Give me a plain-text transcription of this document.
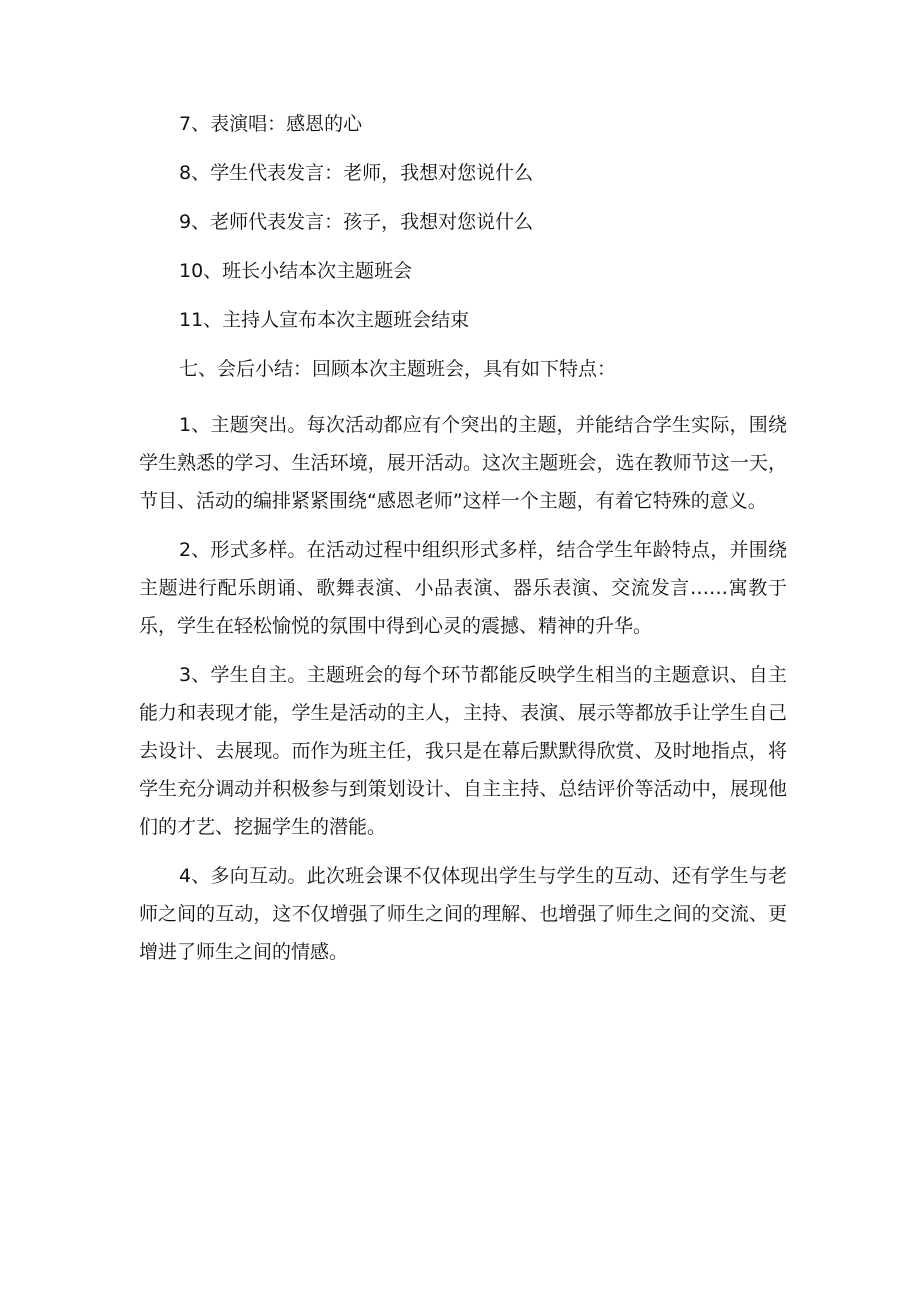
7、表演唱：感恩的心

8、学生代表发言：老师，我想对您说什么

9、老师代表发言：孩子，我想对您说什么

10、班长小结本次主题班会

11、主持人宣布本次主题班会结束

七、会后小结：回顾本次主题班会，具有如下特点：

1、主题突出。每次活动都应有个突出的主题，并能结合学生实际，围绕学生熟悉的学习、生活环境，展开活动。这次主题班会，选在教师节这一天，节目、活动的编排紧紧围绕“感恩老师”这样一个主题，有着它特殊的意义。

2、形式多样。在活动过程中组织形式多样，结合学生年龄特点，并围绕主题进行配乐朗诵、歌舞表演、小品表演、器乐表演、交流发言……寓教于乐，学生在轻松愉悦的氛围中得到心灵的震撼、精神的升华。

3、学生自主。主题班会的每个环节都能反映学生相当的主题意识、自主能力和表现才能，学生是活动的主人，主持、表演、展示等都放手让学生自己去设计、去展现。而作为班主任，我只是在幕后默默得欣赏、及时地指点，将学生充分调动并积极参与到策划设计、自主主持、总结评价等活动中，展现他们的才艺、挖掘学生的潜能。

4、多向互动。此次班会课不仅体现出学生与学生的互动、还有学生与老师之间的互动，这不仅增强了师生之间的理解、也增强了师生之间的交流、更增进了师生之间的情感。
